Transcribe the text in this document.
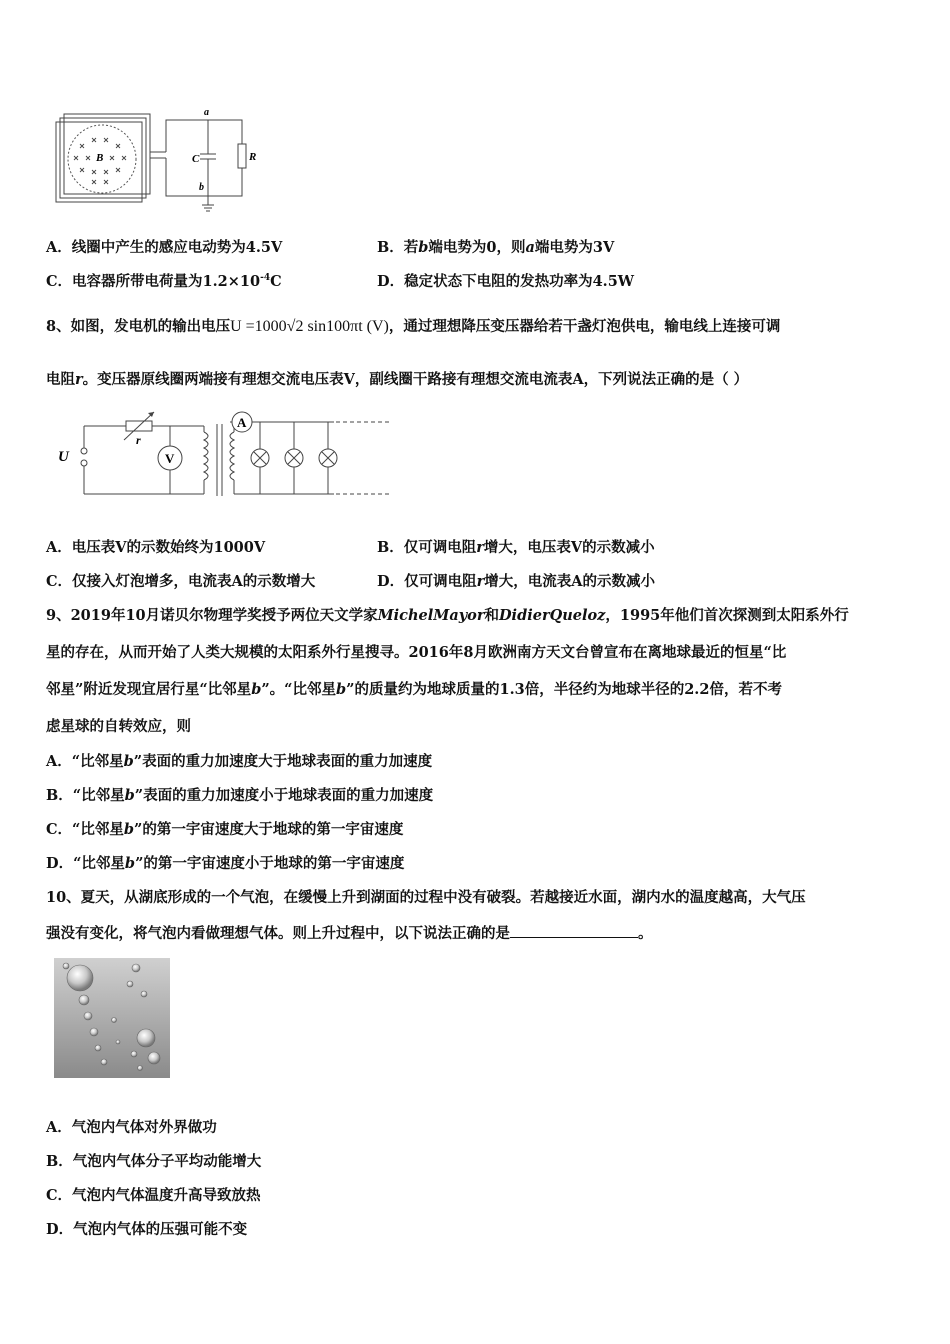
B
a
b
C	R
A．线圈中产生的感应电动势为4.5V	B．若b端电势为0，则a端电势为3V
C．电容器所带电荷量为$1.2\times 10^{-4}C$	D．稳定状态下电阻的发热功率为4.5W
8、如图，发电机的输出电压U =1000√2 sin100πt (V)，通过理想降压变压器给若干盏灯泡供电，输电线上连接可调
电阻r。变压器原线圈两端接有理想交流电压表V，副线圈干路接有理想交流电流表A，下列说法正确的是（ ）
U
r
V
A
A．电压表V的示数始终为1000V	B．仅可调电阻r增大，电压表V的示数减小
C．仅接入灯泡增多，电流表A的示数增大	D．仅可调电阻r增大，电流表A的示数减小
9、2019年10月诺贝尔物理学奖授予两位天文学家MichelMayor和DidierQueloz，1995年他们首次探测到太阳系外行
星的存在，从而开始了人类大规模的太阳系外行星搜寻。2016年8月欧洲南方天文台曾宣布在离地球最近的恒星“比
邻星”附近发现宜居行星“比邻星b”。“比邻星b”的质量约为地球质量的1.3倍，半径约为地球半径的2.2倍，若不考
虑星球的自转效应，则
A．“比邻星b”表面的重力加速度大于地球表面的重力加速度
B．“比邻星b”表面的重力加速度小于地球表面的重力加速度
C．“比邻星b”的第一宇宙速度大于地球的第一宇宙速度
D．“比邻星b”的第一宇宙速度小于地球的第一宇宙速度
10、夏天，从湖底形成的一个气泡，在缓慢上升到湖面的过程中没有破裂。若越接近水面，湖内水的温度越高，大气压
强没有变化，将气泡内看做理想气体。则上升过程中，以下说法正确的是	。
A．气泡内气体对外界做功
B．气泡内气体分子平均动能增大
C．气泡内气体温度升高导致放热
D．气泡内气体的压强可能不变
